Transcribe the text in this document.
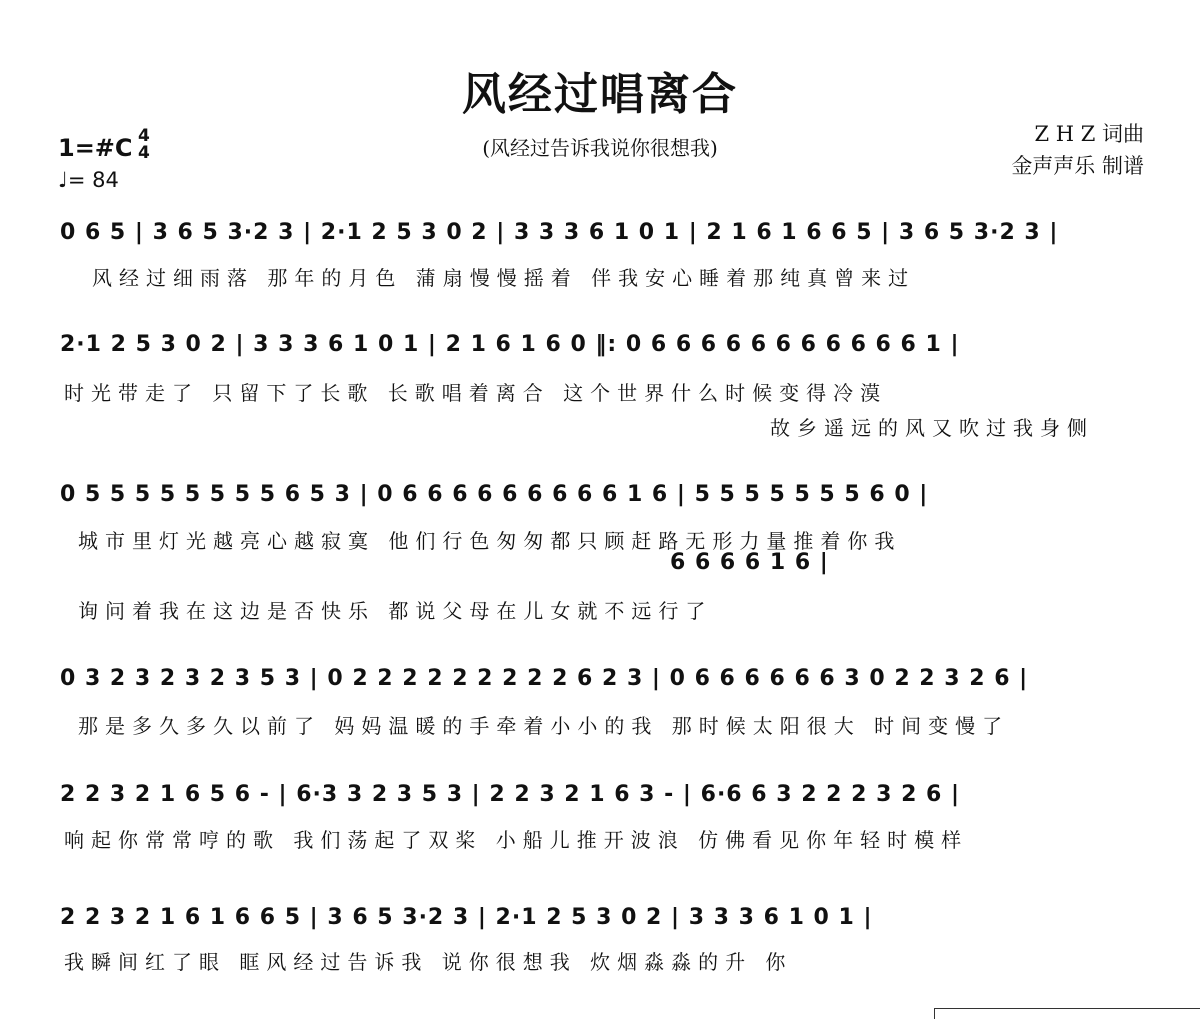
风经过唱离合
(风经过告诉我说你很想我)
1=#C 4
4
♩= 84
Z H Z 词曲
金声声乐 制谱
0 6 5 | 3 6 5 3·2 3 | 2·1 2 5 3 0 2 | 3 3 3 6 1 0 1 | 2 1 6 1 6 6 5 | 3 6 5 3·2 3 |
风经过细雨落 那年的月色 蒲扇慢慢摇着 伴我安心睡着那纯真曾来过
2·1 2 5 3 0 2 | 3 3 3 6 1 0 1 | 2 1 6 1 6 0 ‖: 0 6 6 6 6 6 6 6 6 6 6 6 1 |
时光带走了 只留下了长歌 长歌唱着离合 这个世界什么时候变得冷漠
故乡遥远的风又吹过我身侧
0 5 5 5 5 5 5 5 5 6 5 3 | 0 6 6 6 6 6 6 6 6 6 1 6 | 5 5 5 5 5 5 5 6 0 |
城市里灯光越亮心越寂寞 他们行色匆匆都只顾赶路无形力量推着你我
6 6 6 6 1 6 |
询问着我在这边是否快乐 都说父母在儿女就不远行了
0 3 2 3 2 3 2 3 5 3 | 0 2 2 2 2 2 2 2 2 2 6 2 3 | 0 6 6 6 6 6 6 3 0 2 2 3 2 6 |
那是多久多久以前了 妈妈温暖的手牵着小小的我 那时候太阳很大 时间变慢了
2 2 3 2 1 6 5 6 - | 6·3 3 2 3 5 3 | 2 2 3 2 1 6 3 - | 6·6 6 3 2 2 2 3 2 6 |
响起你常常哼的歌 我们荡起了双桨 小船儿推开波浪 仿佛看见你年轻时模样
2 2 3 2 1 6 1 6 6 5 | 3 6 5 3·2 3 | 2·1 2 5 3 0 2 | 3 3 3 6 1 0 1 |
我瞬间红了眼 眶风经过告诉我 说你很想我 炊烟淼淼的升 你
